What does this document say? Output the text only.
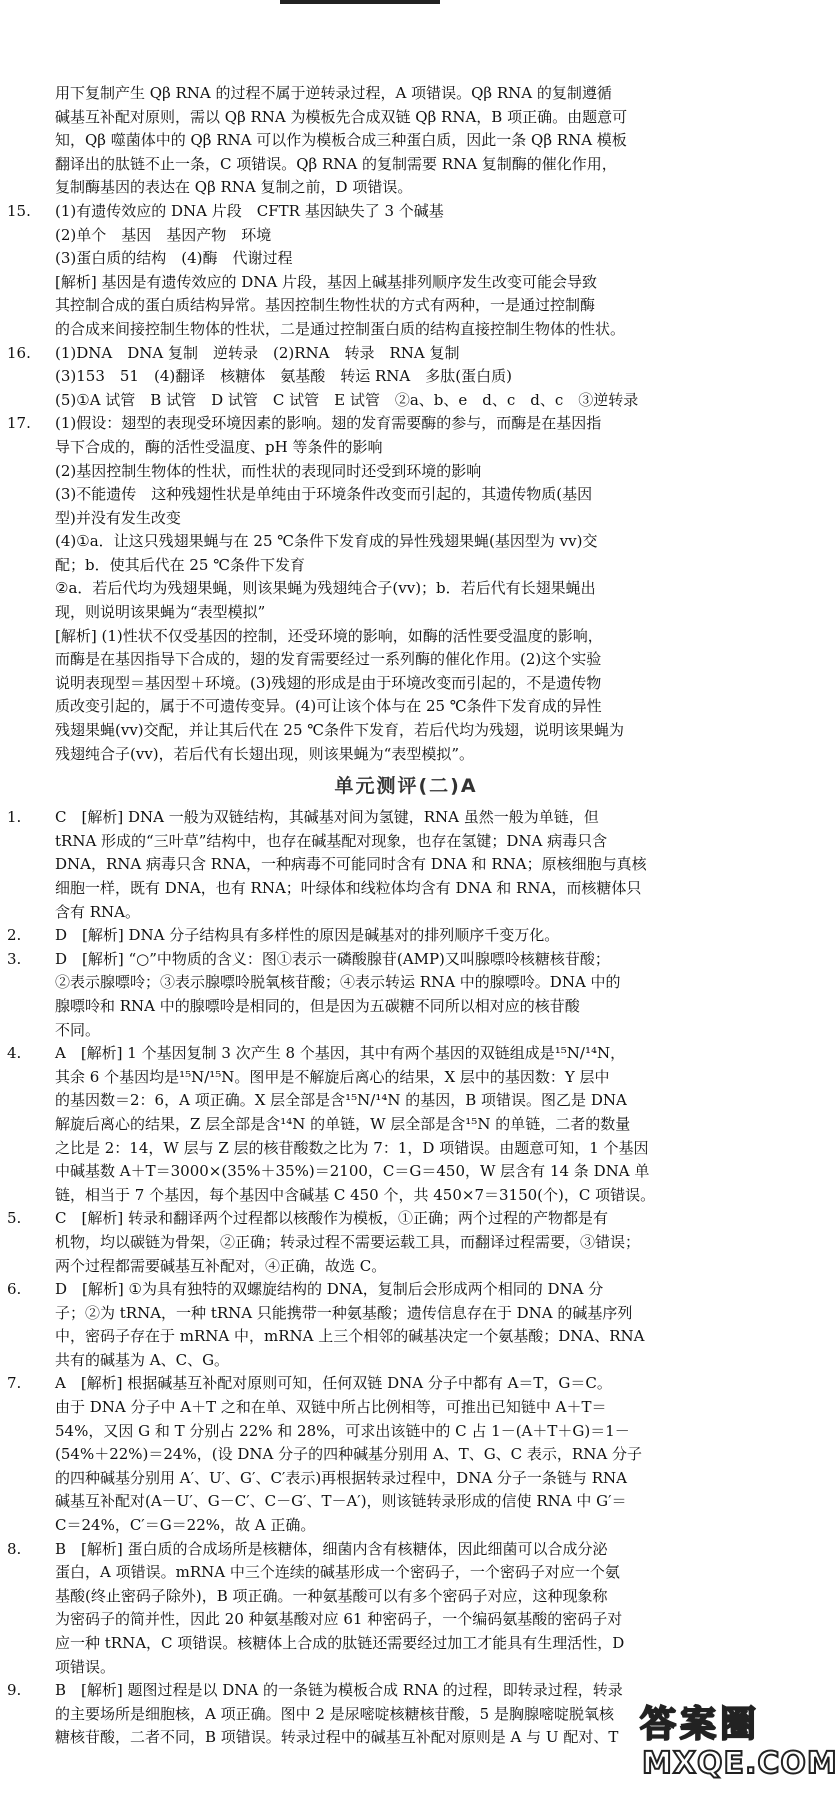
用下复制产生 Qβ RNA 的过程不属于逆转录过程，A 项错误。Qβ RNA 的复制遵循
碱基互补配对原则，需以 Qβ RNA 为模板先合成双链 Qβ RNA，B 项正确。由题意可
知，Qβ 噬菌体中的 Qβ RNA 可以作为模板合成三种蛋白质，因此一条 Qβ RNA 模板
翻译出的肽链不止一条，C 项错误。Qβ RNA 的复制需要 RNA 复制酶的催化作用，
复制酶基因的表达在 Qβ RNA 复制之前，D 项错误。
15. (1)有遗传效应的 DNA 片段　CFTR 基因缺失了 3 个碱基
(2)单个　基因　基因产物　环境
(3)蛋白质的结构　(4)酶　代谢过程
[解析] 基因是有遗传效应的 DNA 片段，基因上碱基排列顺序发生改变可能会导致
其控制合成的蛋白质结构异常。基因控制生物性状的方式有两种，一是通过控制酶
的合成来间接控制生物体的性状，二是通过控制蛋白质的结构直接控制生物体的性状。
16. (1)DNA　DNA 复制　逆转录　(2)RNA　转录　RNA 复制
(3)153　51　(4)翻译　核糖体　氨基酸　转运 RNA　多肽(蛋白质)
(5)①A 试管　B 试管　D 试管　C 试管　E 试管　②a、b、e　d、c　d、c　③逆转录
17. (1)假设：翅型的表现受环境因素的影响。翅的发育需要酶的参与，而酶是在基因指
导下合成的，酶的活性受温度、pH 等条件的影响
(2)基因控制生物体的性状，而性状的表现同时还受到环境的影响
(3)不能遗传　这种残翅性状是单纯由于环境条件改变而引起的，其遗传物质(基因
型)并没有发生改变
(4)①a．让这只残翅果蝇与在 25 ℃条件下发育成的异性残翅果蝇(基因型为 vv)交
配；b．使其后代在 25 ℃条件下发育
②a．若后代均为残翅果蝇，则该果蝇为残翅纯合子(vv)；b．若后代有长翅果蝇出
现，则说明该果蝇为“表型模拟”
[解析] (1)性状不仅受基因的控制，还受环境的影响，如酶的活性要受温度的影响，
而酶是在基因指导下合成的，翅的发育需要经过一系列酶的催化作用。(2)这个实验
说明表现型＝基因型＋环境。(3)残翅的形成是由于环境改变而引起的，不是遗传物
质改变引起的，属于不可遗传变异。(4)可让该个体与在 25 ℃条件下发育成的异性
残翅果蝇(vv)交配，并让其后代在 25 ℃条件下发育，若后代均为残翅，说明该果蝇为
残翅纯合子(vv)，若后代有长翅出现，则该果蝇为“表型模拟”。
单元测评(二)A
1. C　[解析] DNA 一般为双链结构，其碱基对间为氢键，RNA 虽然一般为单链，但
tRNA 形成的“三叶草”结构中，也存在碱基配对现象，也存在氢键；DNA 病毒只含
DNA，RNA 病毒只含 RNA，一种病毒不可能同时含有 DNA 和 RNA；原核细胞与真核
细胞一样，既有 DNA，也有 RNA；叶绿体和线粒体均含有 DNA 和 RNA，而核糖体只
含有 RNA。
2. D　[解析] DNA 分子结构具有多样性的原因是碱基对的排列顺序千变万化。
3. D　[解析] “○”中物质的含义：图①表示一磷酸腺苷(AMP)又叫腺嘌呤核糖核苷酸；
②表示腺嘌呤；③表示腺嘌呤脱氧核苷酸；④表示转运 RNA 中的腺嘌呤。DNA 中的
腺嘌呤和 RNA 中的腺嘌呤是相同的，但是因为五碳糖不同所以相对应的核苷酸
不同。
4. A　[解析] 1 个基因复制 3 次产生 8 个基因，其中有两个基因的双链组成是¹⁵N/¹⁴N，
其余 6 个基因均是¹⁵N/¹⁵N。图甲是不解旋后离心的结果，X 层中的基因数：Y 层中
的基因数＝2：6，A 项正确。X 层全部是含¹⁵N/¹⁴N 的基因，B 项错误。图乙是 DNA
解旋后离心的结果，Z 层全部是含¹⁴N 的单链，W 层全部是含¹⁵N 的单链，二者的数量
之比是 2：14，W 层与 Z 层的核苷酸数之比为 7：1，D 项错误。由题意可知，1 个基因
中碱基数 A＋T＝3000×(35%＋35%)＝2100，C＝G＝450，W 层含有 14 条 DNA 单
链，相当于 7 个基因，每个基因中含碱基 C 450 个，共 450×7＝3150(个)，C 项错误。
5. C　[解析] 转录和翻译两个过程都以核酸作为模板，①正确；两个过程的产物都是有
机物，均以碳链为骨架，②正确；转录过程不需要运载工具，而翻译过程需要，③错误；
两个过程都需要碱基互补配对，④正确，故选 C。
6. D　[解析] ①为具有独特的双螺旋结构的 DNA，复制后会形成两个相同的 DNA 分
子；②为 tRNA，一种 tRNA 只能携带一种氨基酸；遗传信息存在于 DNA 的碱基序列
中，密码子存在于 mRNA 中，mRNA 上三个相邻的碱基决定一个氨基酸；DNA、RNA
共有的碱基为 A、C、G。
7. A　[解析] 根据碱基互补配对原则可知，任何双链 DNA 分子中都有 A＝T，G＝C。
由于 DNA 分子中 A＋T 之和在单、双链中所占比例相等，可推出已知链中 A＋T＝
54%，又因 G 和 T 分别占 22% 和 28%，可求出该链中的 C 占 1－(A＋T＋G)＝1－
(54%＋22%)＝24%，(设 DNA 分子的四种碱基分别用 A、T、G、C 表示，RNA 分子
的四种碱基分别用 A′、U′、G′、C′表示)再根据转录过程中，DNA 分子一条链与 RNA
碱基互补配对(A－U′、G－C′、C－G′、T－A′)，则该链转录形成的信使 RNA 中 G′＝
C＝24%，C′＝G＝22%，故 A 正确。
8. B　[解析] 蛋白质的合成场所是核糖体，细菌内含有核糖体，因此细菌可以合成分泌
蛋白，A 项错误。mRNA 中三个连续的碱基形成一个密码子，一个密码子对应一个氨
基酸(终止密码子除外)，B 项正确。一种氨基酸可以有多个密码子对应，这种现象称
为密码子的简并性，因此 20 种氨基酸对应 61 种密码子，一个编码氨基酸的密码子对
应一种 tRNA，C 项错误。核糖体上合成的肽链还需要经过加工才能具有生理活性，D
项错误。
9. B　[解析] 题图过程是以 DNA 的一条链为模板合成 RNA 的过程，即转录过程，转录
的主要场所是细胞核，A 项正确。图中 2 是尿嘧啶核糖核苷酸，5 是胸腺嘧啶脱氧核
糖核苷酸，二者不同，B 项错误。转录过程中的碱基互补配对原则是 A 与 U 配对、T 答案圈
MXQE.COM
